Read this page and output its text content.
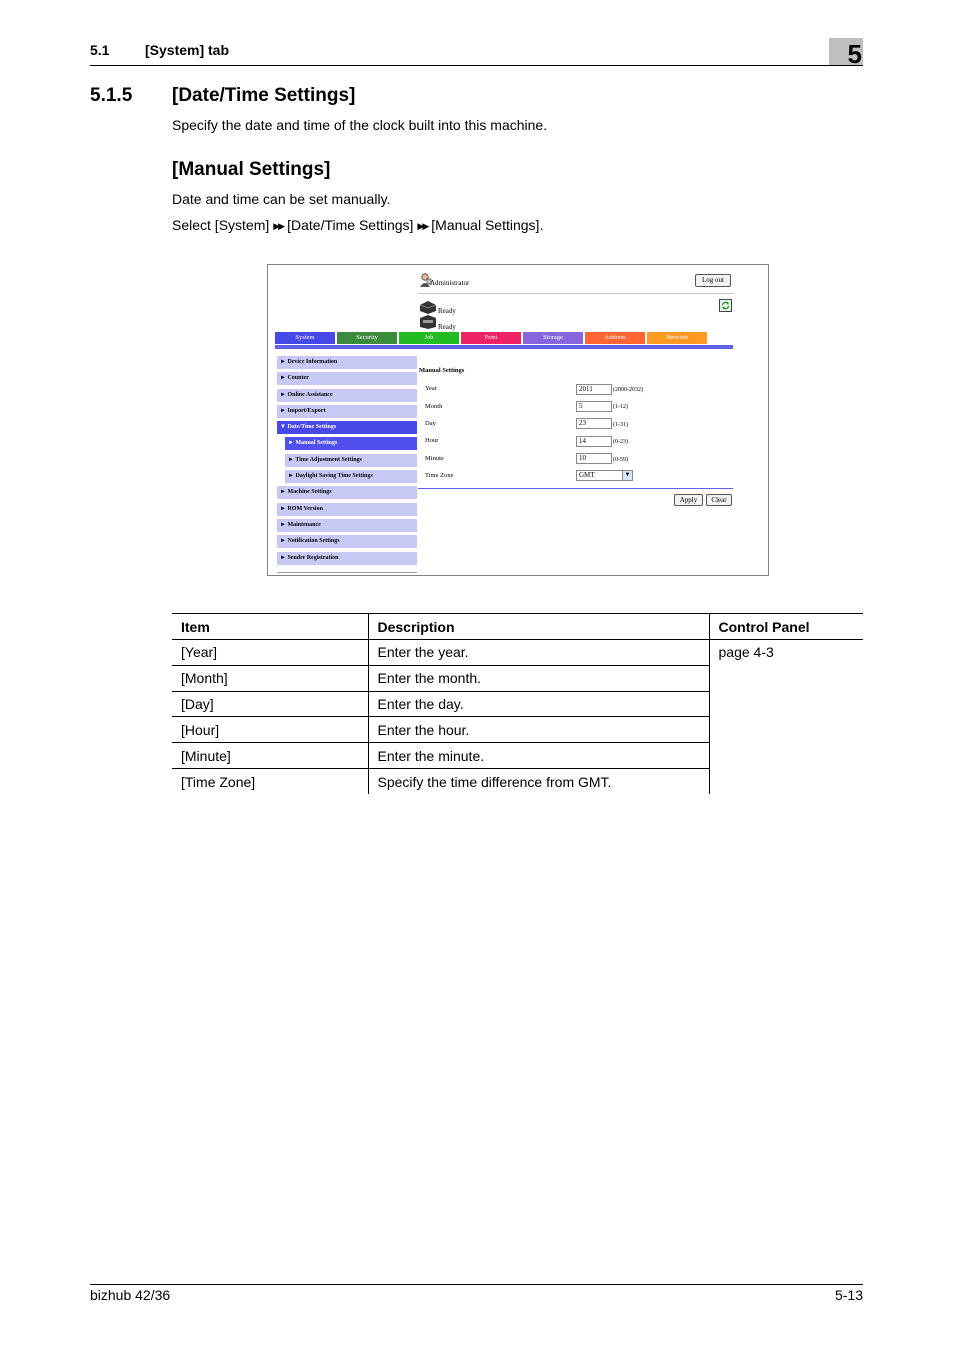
5.1	[System] tab	5
5.1.5 [Date/Time Settings]
Specify the date and time of the clock built into this machine.
[Manual Settings]
Date and time can be set manually.
Select [System] ▶▶ [Date/Time Settings] ▶▶ [Manual Settings].
Administrator	Log out
Ready
Ready
System	Security	Job	Print	Storage	Address	Network
► Device Information
► Counter
► Online Assistance
► Import/Export
▼ Date/Time Settings
► Manual Settings
► Time Adjustment Settings
► Daylight Saving Time Settings
► Machine Settings
► ROM Version
► Maintenance
► Notification Settings
► Sender Registration
Manual Settings
Year	2011	(2000-2032)
Month	5	(1-12)
Day	23	(1-31)
Hour	14	(0-23)
Minute	10	(0-59)
Time Zone	GMT	▼
Apply	Clear
Item	Description	Control Panel
[Year]	Enter the year.	page 4-3
[Month]	Enter the month.	
[Day]	Enter the day.	
[Hour]	Enter the hour.	
[Minute]	Enter the minute.	
[Time Zone]	Specify the time difference from GMT.	
bizhub 42/36	5-13
